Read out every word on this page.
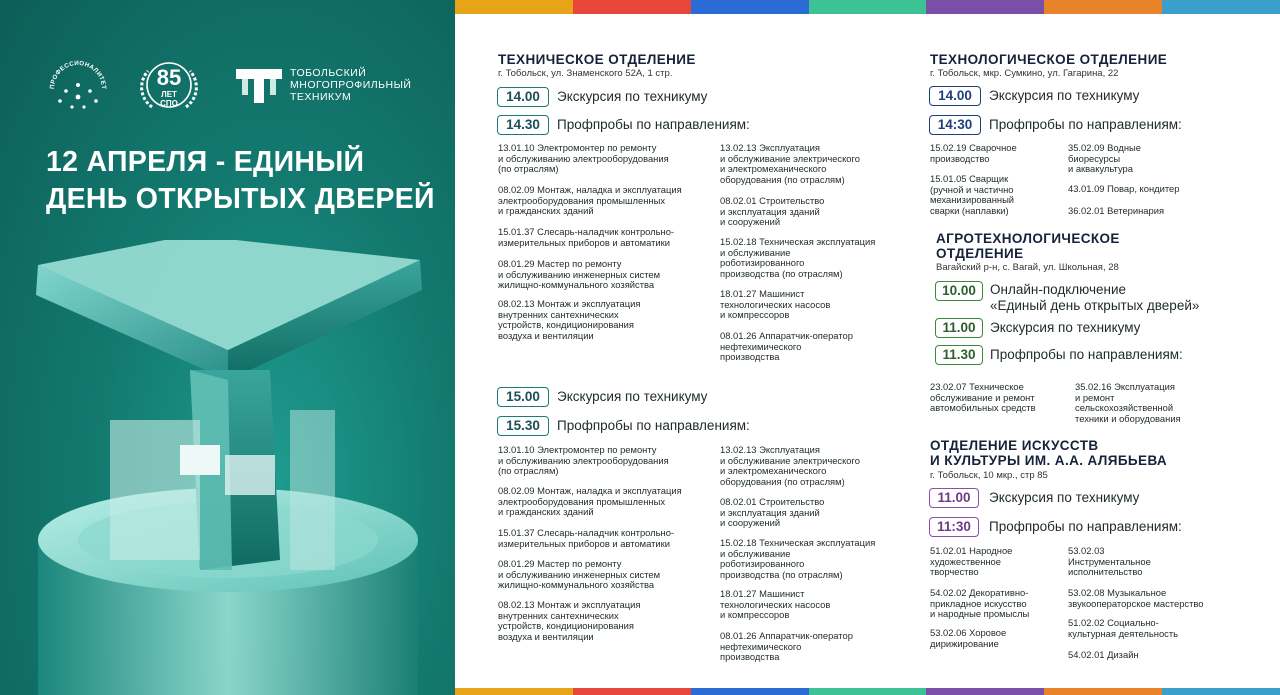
ПРОФЕССИОНАЛИТЕТ	85
ЛЕТ
СПО
ТОБОЛЬСКИЙ
МНОГОПРОФИЛЬНЫЙ
ТЕХНИКУМ
12 АПРЕЛЯ - ЕДИНЫЙ
ДЕНЬ ОТКРЫТЫХ ДВЕРЕЙ
ТЕХНИЧЕСКОЕ ОТДЕЛЕНИЕ
г. Тобольск, ул. Знаменского 52А, 1 стр.
14.00	Экскурсия по техникуму
14.30	Профпробы по направлениям:
13.01.10 Электромонтер по ремонту
и обслуживанию электрооборудования
(по отраслям)
08.02.09 Монтаж, наладка и эксплуатация
электрооборудования промышленных
и гражданских зданий
15.01.37 Слесарь-наладчик контрольно-
измерительных приборов и автоматики
08.01.29 Мастер по ремонту
и обслуживанию инженерных систем
жилищно-коммунального хозяйства
08.02.13 Монтаж и эксплуатация
внутренних сантехнических
устройств, кондиционирования
воздуха и вентиляции
13.02.13 Эксплуатация
и обслуживание электрического
и электромеханического
оборудования (по отраслям)
08.02.01 Строительство
и эксплуатация зданий
и сооружений
15.02.18 Техническая эксплуатация
и обслуживание
роботизированного
производства (по отраслям)
18.01.27 Машинист
технологических насосов
и компрессоров
08.01.26 Аппаратчик-оператор
нефтехимического
производства
15.00	Экскурсия по техникуму
15.30	Профпробы по направлениям:
13.01.10 Электромонтер по ремонту
и обслуживанию электрооборудования
(по отраслям)
08.02.09 Монтаж, наладка и эксплуатация
электрооборудования промышленных
и гражданских зданий
15.01.37 Слесарь-наладчик контрольно-
измерительных приборов и автоматики
08.01.29 Мастер по ремонту
и обслуживанию инженерных систем
жилищно-коммунального хозяйства
08.02.13 Монтаж и эксплуатация
внутренних сантехнических
устройств, кондиционирования
воздуха и вентиляции
13.02.13 Эксплуатация
и обслуживание электрического
и электромеханического
оборудования (по отраслям)
08.02.01 Строительство
и эксплуатация зданий
и сооружений
15.02.18 Техническая эксплуатация
и обслуживание
роботизированного
производства (по отраслям)
18.01.27 Машинист
технологических насосов
и компрессоров
08.01.26 Аппаратчик-оператор
нефтехимического
производства
ТЕХНОЛОГИЧЕСКОЕ ОТДЕЛЕНИЕ
г. Тобольск, мкр. Сумкино, ул. Гагарина, 22
14.00	Экскурсия по техникуму
14:30	Профпробы по направлениям:
15.02.19 Сварочное
производство
15.01.05 Сварщик
(ручной и частично
механизированный
сварки (наплавки)
35.02.09 Водные
биоресурсы
и аквакультура
43.01.09 Повар, кондитер
36.02.01 Ветеринария
АГРОТЕХНОЛОГИЧЕСКОЕ
ОТДЕЛЕНИЕ
Вагайский р-н, с. Вагай, ул. Школьная, 28
10.00	Онлайн-подключение
«Единый день открытых дверей»
11.00	Экскурсия по техникуму
11.30	Профпробы по направлениям:
23.02.07 Техническое
обслуживание и ремонт
автомобильных средств
35.02.16 Эксплуатация
и ремонт
сельскохозяйственной
техники и оборудования
ОТДЕЛЕНИЕ ИСКУССТВ
И КУЛЬТУРЫ ИМ. А.А. АЛЯБЬЕВА
г. Тобольск, 10 мкр., стр 85
11.00	Экскурсия по техникуму
11:30	Профпробы по направлениям:
51.02.01 Народное
художественное
творчество
54.02.02 Декоративно-
прикладное искусство
и народные промыслы
53.02.06 Хоровое
дирижирование
53.02.03
Инструментальное
исполнительство
53.02.08 Музыкальное
звукооператорское мастерство
51.02.02 Социально-
культурная деятельность
54.02.01 Дизайн
